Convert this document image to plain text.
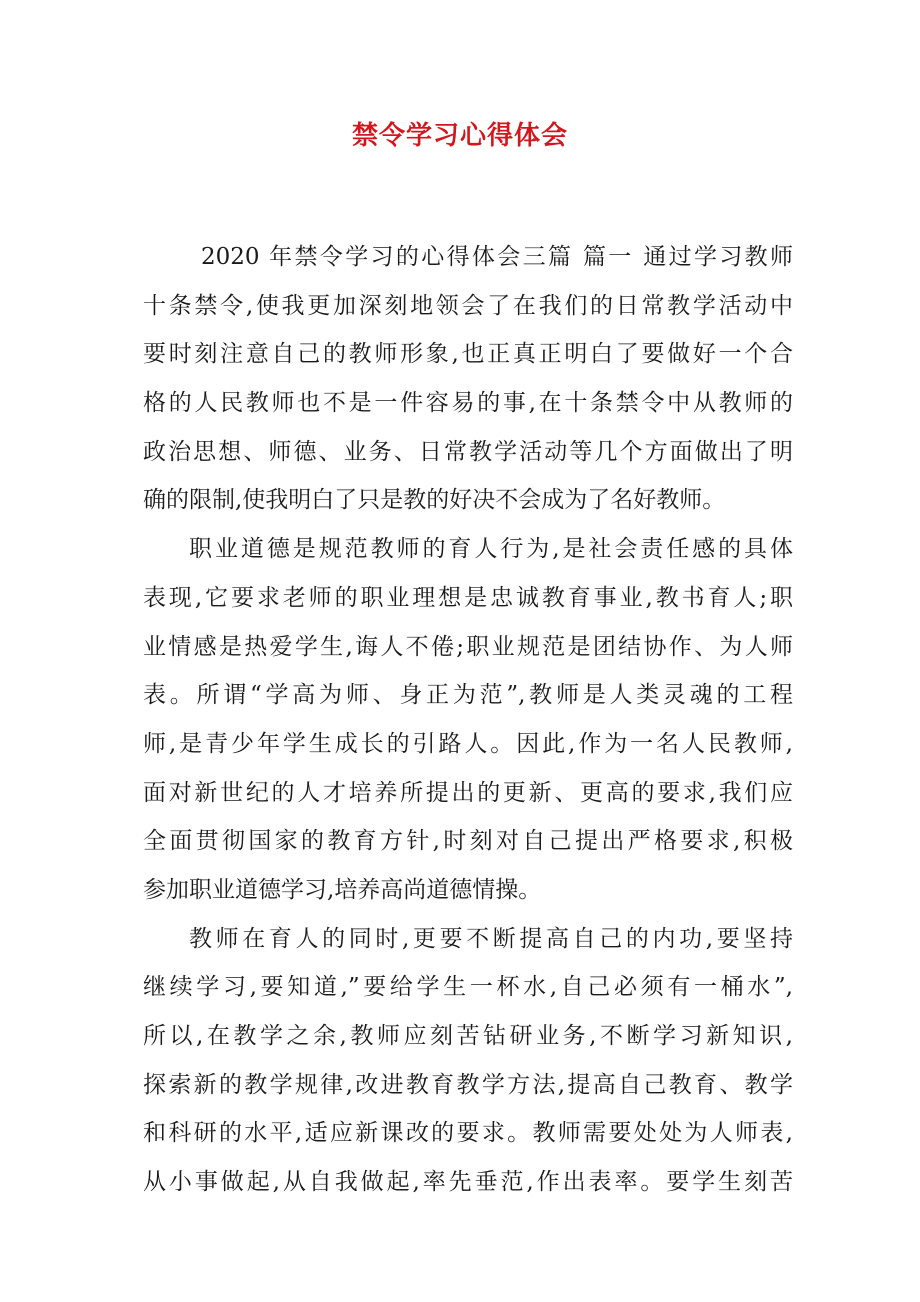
禁令学习心得体会
2020 年禁令学习的心得体会三篇 篇一 通过学习教师
十条禁令,使我更加深刻地领会了在我们的日常教学活动中
要时刻注意自己的教师形象,也正真正明白了要做好一个合
格的人民教师也不是一件容易的事,在十条禁令中从教师的
政治思想、师德、业务、日常教学活动等几个方面做出了明
确的限制,使我明白了只是教的好决不会成为了名好教师。
职业道德是规范教师的育人行为,是社会责任感的具体
表现,它要求老师的职业理想是忠诚教育事业,教书育人;职
业情感是热爱学生,诲人不倦;职业规范是团结协作、为人师
表。所谓“学高为师、身正为范”,教师是人类灵魂的工程
师,是青少年学生成长的引路人。因此,作为一名人民教师,
面对新世纪的人才培养所提出的更新、更高的要求,我们应
全面贯彻国家的教育方针,时刻对自己提出严格要求,积极
参加职业道德学习,培养高尚道德情操。
教师在育人的同时,更要不断提高自己的内功,要坚持
继续学习,要知道,”要给学生一杯水,自己必须有一桶水”,
所以,在教学之余,教师应刻苦钻研业务,不断学习新知识,
探索新的教学规律,改进教育教学方法,提高自己教育、教学
和科研的水平,适应新课改的要求。教师需要处处为人师表,
从小事做起,从自我做起,率先垂范,作出表率。要学生刻苦
